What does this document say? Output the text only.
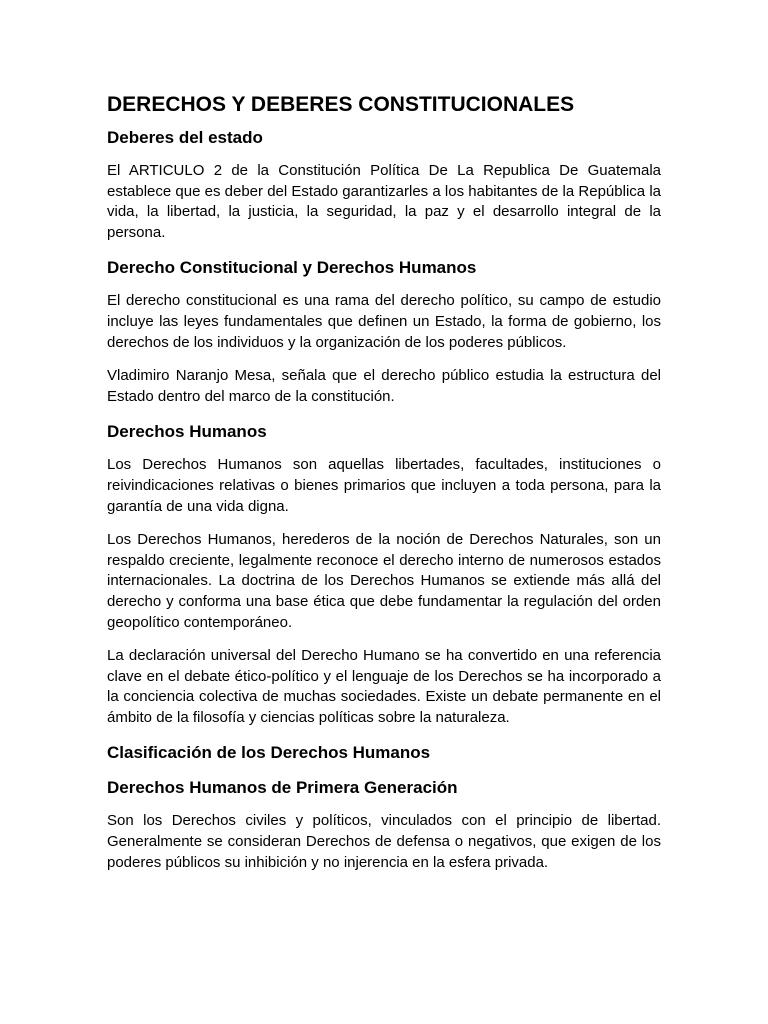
DERECHOS Y DEBERES CONSTITUCIONALES
Deberes del estado

El ARTICULO 2 de la Constitución Política De La Republica De Guatemala establece que es deber del Estado garantizarles a los habitantes de la República la vida, la libertad, la justicia, la seguridad, la paz y el desarrollo integral de la persona.

Derecho Constitucional y Derechos Humanos

El derecho constitucional es una rama del derecho político, su campo de estudio incluye las leyes fundamentales que definen un Estado, la forma de gobierno, los derechos de los individuos y la organización de los poderes públicos.

Vladimiro Naranjo Mesa, señala que el derecho público estudia la estructura del Estado dentro del marco de la constitución.

Derechos Humanos

Los Derechos Humanos son aquellas libertades, facultades, instituciones o reivindicaciones relativas o bienes primarios que incluyen a toda persona, para la garantía de una vida digna.

Los Derechos Humanos, herederos de la noción de Derechos Naturales, son un respaldo creciente, legalmente reconoce el derecho interno de numerosos estados internacionales. La doctrina de los Derechos Humanos se extiende más allá del derecho y conforma una base ética que debe fundamentar la regulación del orden geopolítico contemporáneo.

La declaración universal del Derecho Humano se ha convertido en una referencia clave en el debate ético-político y el lenguaje de los Derechos se ha incorporado a la conciencia colectiva de muchas sociedades. Existe un debate permanente en el ámbito de la filosofía y ciencias políticas sobre la naturaleza.

Clasificación de los Derechos Humanos
Derechos Humanos de Primera Generación

Son los Derechos civiles y políticos, vinculados con el principio de libertad. Generalmente se consideran Derechos de defensa o negativos, que exigen de los poderes públicos su inhibición y no injerencia en la esfera privada.
